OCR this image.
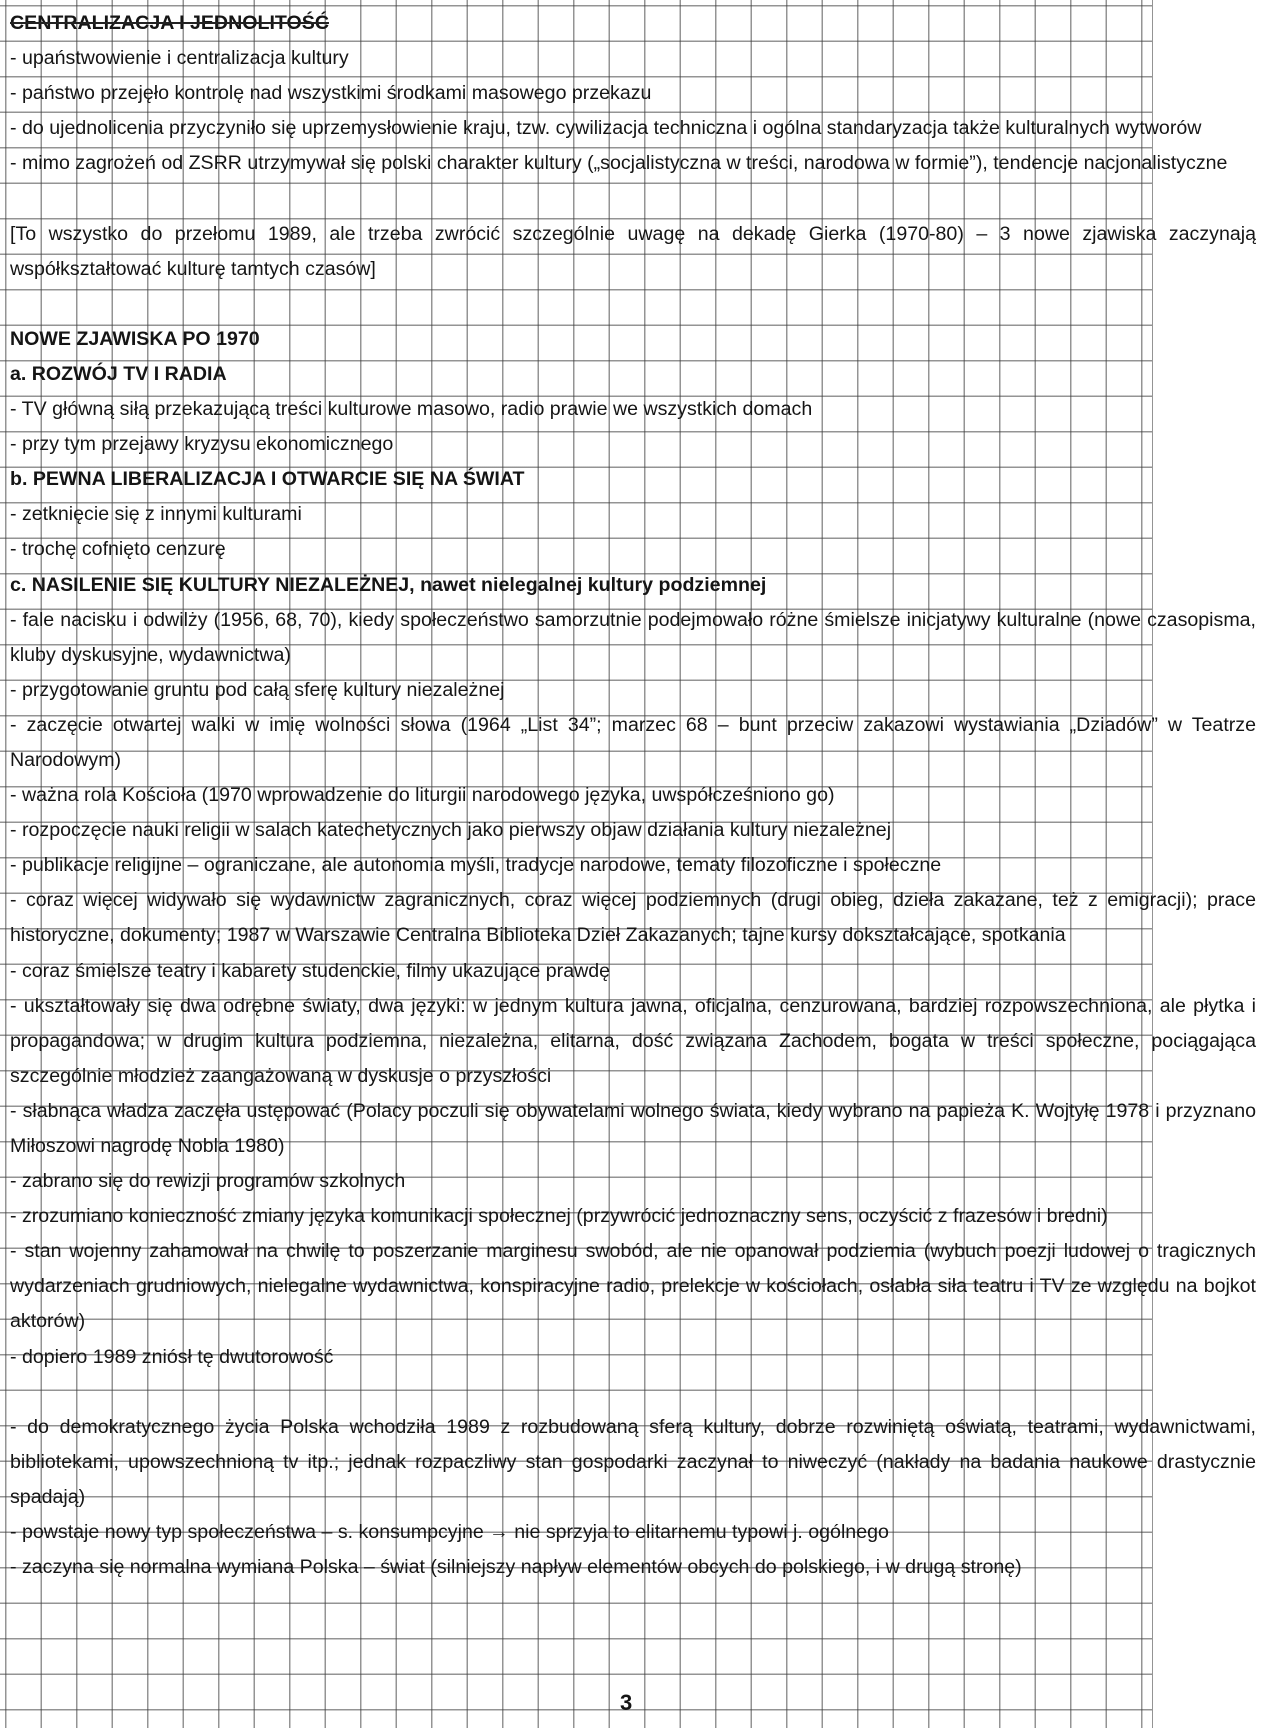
CENTRALIZACJA I JEDNOLITOŚĆ
- upaństwowienie i centralizacja kultury
- państwo przejęło kontrolę nad wszystkimi środkami masowego przekazu
- do ujednolicenia przyczyniło się uprzemysłowienie kraju, tzw. cywilizacja techniczna i ogólna standaryzacja także kulturalnych wytworów
- mimo zagrożeń od ZSRR utrzymywał się polski charakter kultury („socjalistyczna w treści, narodowa w formie”), tendencje nacjonalistyczne
[To wszystko do przełomu 1989, ale trzeba zwrócić szczególnie uwagę na dekadę Gierka (1970-80) – 3 nowe zjawiska zaczynają współkształtować kulturę tamtych czasów]
NOWE ZJAWISKA PO 1970
a. ROZWÓJ TV I RADIA
- TV główną siłą przekazującą treści kulturowe masowo, radio prawie we wszystkich domach
- przy tym przejawy kryzysu ekonomicznego
b. PEWNA LIBERALIZACJA I OTWARCIE SIĘ NA ŚWIAT
- zetknięcie się z innymi kulturami
- trochę cofnięto cenzurę
c. NASILENIE SIĘ KULTURY NIEZALEŻNEJ, nawet nielegalnej kultury podziemnej
- fale nacisku i odwilży (1956, 68, 70), kiedy społeczeństwo samorzutnie podejmowało różne śmielsze inicjatywy kulturalne (nowe czasopisma, kluby dyskusyjne, wydawnictwa)
- przygotowanie gruntu pod całą sferę kultury niezależnej
- zaczęcie otwartej walki w imię wolności słowa (1964 „List 34”; marzec 68 – bunt przeciw zakazowi wystawiania „Dziadów” w Teatrze Narodowym)
- ważna rola Kościoła (1970 wprowadzenie do liturgii narodowego języka, uwspółcześniono go)
- rozpoczęcie nauki religii w salach katechetycznych jako pierwszy objaw działania kultury niezależnej
- publikacje religijne – ograniczane, ale autonomia myśli, tradycje narodowe, tematy filozoficzne i społeczne
- coraz więcej widywało się wydawnictw zagranicznych, coraz więcej podziemnych (drugi obieg, dzieła zakazane, też z emigracji); prace historyczne, dokumenty; 1987 w Warszawie Centralna Biblioteka Dzieł Zakazanych; tajne kursy dokształcające, spotkania
- coraz śmielsze teatry i kabarety studenckie, filmy ukazujące prawdę
- ukształtowały się dwa odrębne światy, dwa języki: w jednym kultura jawna, oficjalna, cenzurowana, bardziej rozpowszechniona, ale płytka i propagandowa; w drugim kultura podziemna, niezależna, elitarna, dość związana Zachodem, bogata w treści społeczne, pociągająca szczególnie młodzież zaangażowaną w dyskusje o przyszłości
- słabnąca władza zaczęła ustępować (Polacy poczuli się obywatelami wolnego świata, kiedy wybrano na papieża K. Wojtyłę 1978 i przyznano Miłoszowi nagrodę Nobla 1980)
- zabrano się do rewizji programów szkolnych
- zrozumiano konieczność zmiany języka komunikacji społecznej (przywrócić jednoznaczny sens, oczyścić z frazesów i bredni)
- stan wojenny zahamował na chwilę to poszerzanie marginesu swobód, ale nie opanował podziemia (wybuch poezji ludowej o tragicznych wydarzeniach grudniowych, nielegalne wydawnictwa, konspiracyjne radio, prelekcje w kościołach, osłabła siła teatru i TV ze względu na bojkot aktorów)
- dopiero 1989 zniósł tę dwutorowość
- do demokratycznego życia Polska wchodziła 1989 z rozbudowaną sferą kultury, dobrze rozwiniętą oświatą, teatrami, wydawnictwami, bibliotekami, upowszechnioną tv itp.; jednak rozpaczliwy stan gospodarki zaczynał to niweczyć (nakłady na badania naukowe drastycznie spadają)
- powstaje nowy typ społeczeństwa – s. konsumpcyjne → nie sprzyja to elitarnemu typowi j. ogólnego
- zaczyna się normalna wymiana Polska – świat (silniejszy napływ elementów obcych do polskiego, i w drugą stronę)
3
